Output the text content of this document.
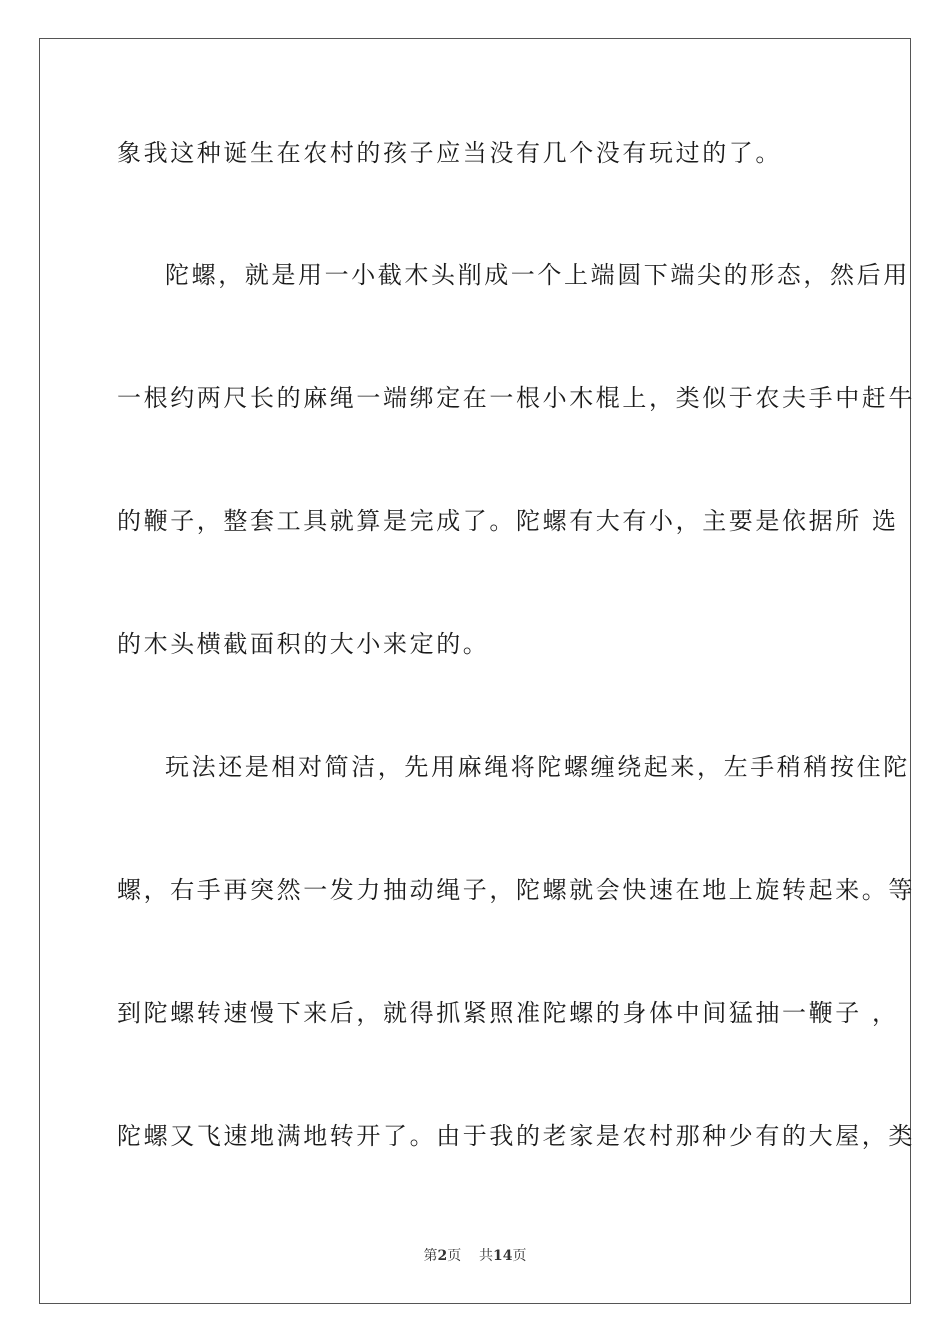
象我这种诞生在农村的孩子应当没有几个没有玩过的了。
陀螺，就是用一小截木头削成一个上端圆下端尖的形态，然后用
一根约两尺长的麻绳一端绑定在一根小木棍上，类似于农夫手中赶牛
的鞭子，整套工具就算是完成了。陀螺有大有小，主要是依据所 选
的木头横截面积的大小来定的。
玩法还是相对简洁，先用麻绳将陀螺缠绕起来，左手稍稍按住陀
螺，右手再突然一发力抽动绳子，陀螺就会快速在地上旋转起来。等
到陀螺转速慢下来后，就得抓紧照准陀螺的身体中间猛抽一鞭子 ，
陀螺又飞速地满地转开了。由于我的老家是农村那种少有的大屋，类
第2页 共14页
